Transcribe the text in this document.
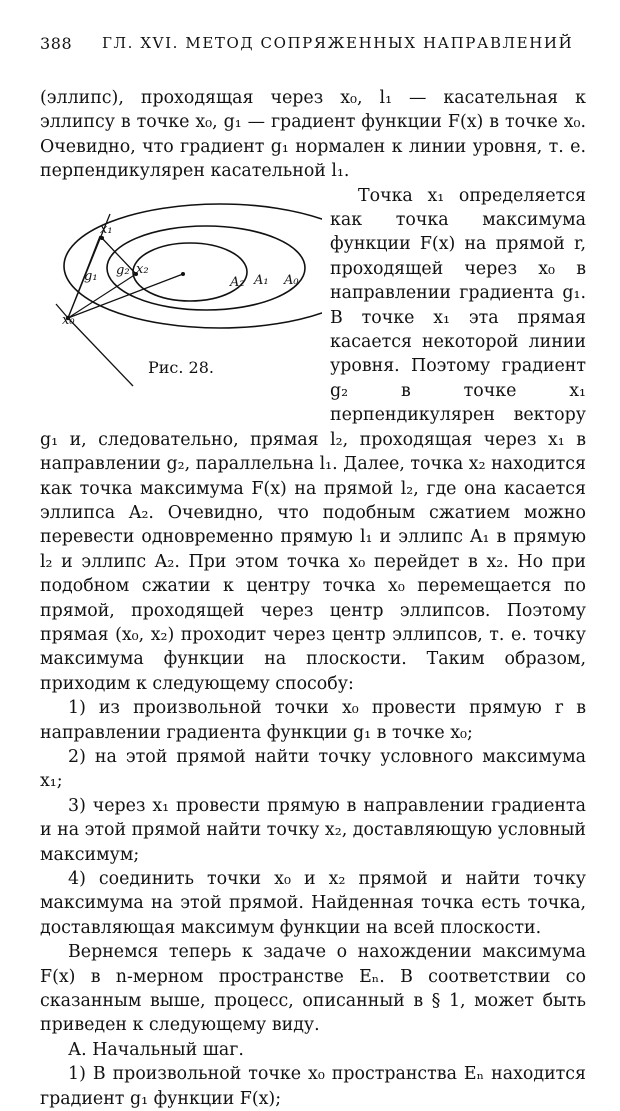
388 ГЛ. XVI. МЕТОД СОПРЯЖЕННЫХ НАПРАВЛЕНИЙ

(эллипс), проходящая через x₀, l₁ — касательная к эллипсу в точке x₀, g₁ — градиент функции F(x) в точке x₀. Очевидно, что градиент g₁ нормален к линии уровня, т. е. перпендикулярен касательной l₁.

x₀
x₁
x₂
g₁ g₂
A₂ A₁ A₀
Рис. 28.

Точка x₁ определяется как точка максимума функции F(x) на прямой r, проходящей через x₀ в направлении градиента g₁. В точке x₁ эта прямая касается некоторой линии уровня. Поэтому градиент g₂ в точке x₁ перпендикулярен вектору g₁ и, следовательно, прямая l₂, проходящая через x₁ в направлении g₂, параллельна l₁. Далее, точка x₂ находится как точка максимума F(x) на прямой l₂, где она касается эллипса A₂. Очевидно, что подобным сжатием можно перевести одновременно прямую l₁ и эллипс A₁ в прямую l₂ и эллипс A₂. При этом точка x₀ перейдет в x₂. Но при подобном сжатии к центру точка x₀ перемещается по прямой, проходящей через центр эллипсов. Поэтому прямая (x₀, x₂) проходит через центр эллипсов, т. е. точку максимума функции на плоскости. Таким образом, приходим к следующему способу:

1) из произвольной точки x₀ провести прямую r в направлении градиента функции g₁ в точке x₀;

2) на этой прямой найти точку условного максимума x₁;

3) через x₁ провести прямую в направлении градиента и на этой прямой найти точку x₂, доставляющую условный максимум;

4) соединить точки x₀ и x₂ прямой и найти точку максимума на этой прямой. Найденная точка есть точка, доставляющая максимум функции на всей плоскости.

Вернемся теперь к задаче о нахождении максимума F(x) в n-мерном пространстве Eₙ. В соответствии со сказанным выше, процесс, описанный в § 1, может быть приведен к следующему виду.

А. Начальный шаг.

1) В произвольной точке x₀ пространства Eₙ находится градиент g₁ функции F(x);
